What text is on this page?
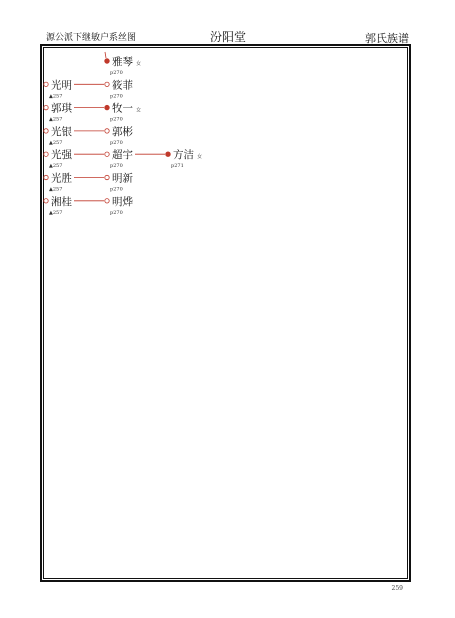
源公派下继敏户系丝图	汾阳堂	郭氏族谱
雅琴 女
p270
光明
▲257
筱菲
p270
郭琪
▲257
牧一 女
p270
光银
▲257
郭彬
p270
光强
▲257
超宇
p270
方洁 女
p271
光胜
▲257
明新
p270
湘桂
▲257
明烨
p270
259
